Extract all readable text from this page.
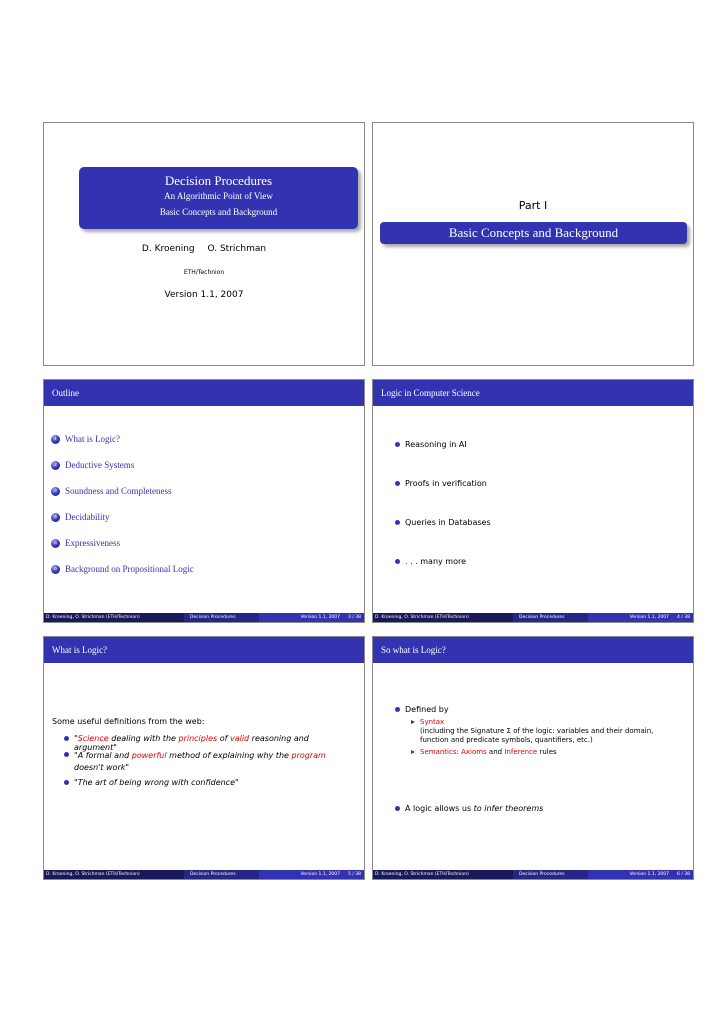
Decision Procedures
An Algorithmic Point of View
Basic Concepts and Background
D. Kroening O. Strichman
ETH/Technion
Version 1.1, 2007
Part I
Basic Concepts and Background
Outline
1 What is Logic?
2 Deductive Systems
3 Soundness and Completeness
4 Decidability
5 Expressiveness
6 Background on Propositional Logic
D. Kroening, O. Strichman (ETH/Technion)	Decision Procedures	Version 1.1, 2007 3 / 38
Logic in Computer Science
Reasoning in AI
Proofs in verification
Queries in Databases
. . . many more
D. Kroening, O. Strichman (ETH/Technion)	Decision Procedures	Version 1.1, 2007 4 / 38
What is Logic?
Some useful definitions from the web:
"Science dealing with the principles of valid reasoning and argument"
"A formal and powerful method of explaining why the program doesn't work"
"The art of being wrong with confidence"
D. Kroening, O. Strichman (ETH/Technion)	Decision Procedures	Version 1.1, 2007 5 / 38
So what is Logic?
Defined by
Syntax
(including the Signature Σ of the logic: variables and their domain, function and predicate symbols, quantifiers, etc.)
Semantics: Axioms and Inference rules
A logic allows us to infer theorems
D. Kroening, O. Strichman (ETH/Technion)	Decision Procedures	Version 1.1, 2007 6 / 38
